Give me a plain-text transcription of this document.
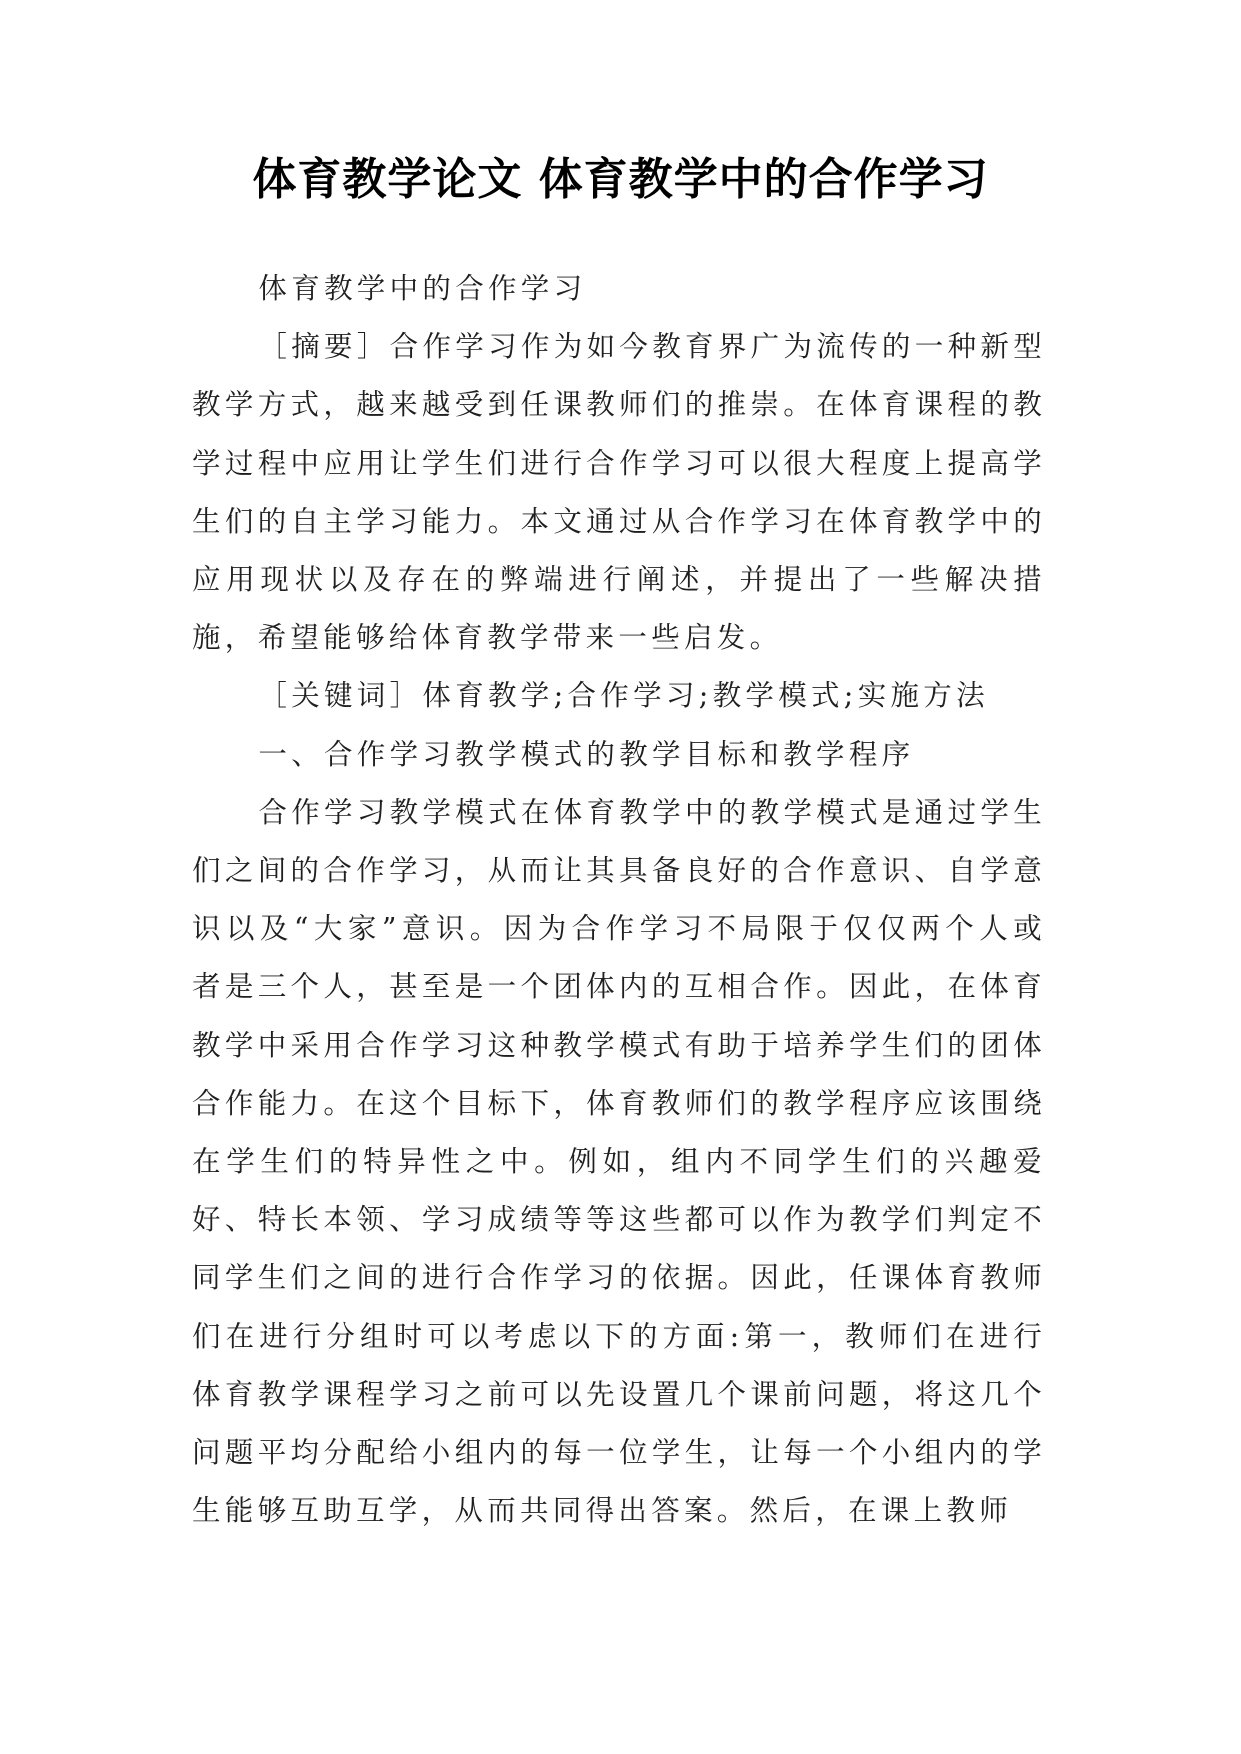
体育教学论文 体育教学中的合作学习

体育教学中的合作学习

［摘要］合作学习作为如今教育界广为流传的一种新型教学方式，越来越受到任课教师们的推崇。在体育课程的教学过程中应用让学生们进行合作学习可以很大程度上提高学生们的自主学习能力。本文通过从合作学习在体育教学中的应用现状以及存在的弊端进行阐述，并提出了一些解决措施，希望能够给体育教学带来一些启发。

［关键词］体育教学;合作学习;教学模式;实施方法

一、合作学习教学模式的教学目标和教学程序

合作学习教学模式在体育教学中的教学模式是通过学生们之间的合作学习，从而让其具备良好的合作意识、自学意识以及“大家”意识。因为合作学习不局限于仅仅两个人或者是三个人，甚至是一个团体内的互相合作。因此，在体育教学中采用合作学习这种教学模式有助于培养学生们的团体合作能力。在这个目标下，体育教师们的教学程序应该围绕在学生们的特异性之中。例如，组内不同学生们的兴趣爱好、特长本领、学习成绩等等这些都可以作为教学们判定不同学生们之间的进行合作学习的依据。因此，任课体育教师们在进行分组时可以考虑以下的方面:第一，教师们在进行体育教学课程学习之前可以先设置几个课前问题，将这几个问题平均分配给小组内的每一位学生，让每一个小组内的学生能够互助互学，从而共同得出答案。然后，在课上教师
